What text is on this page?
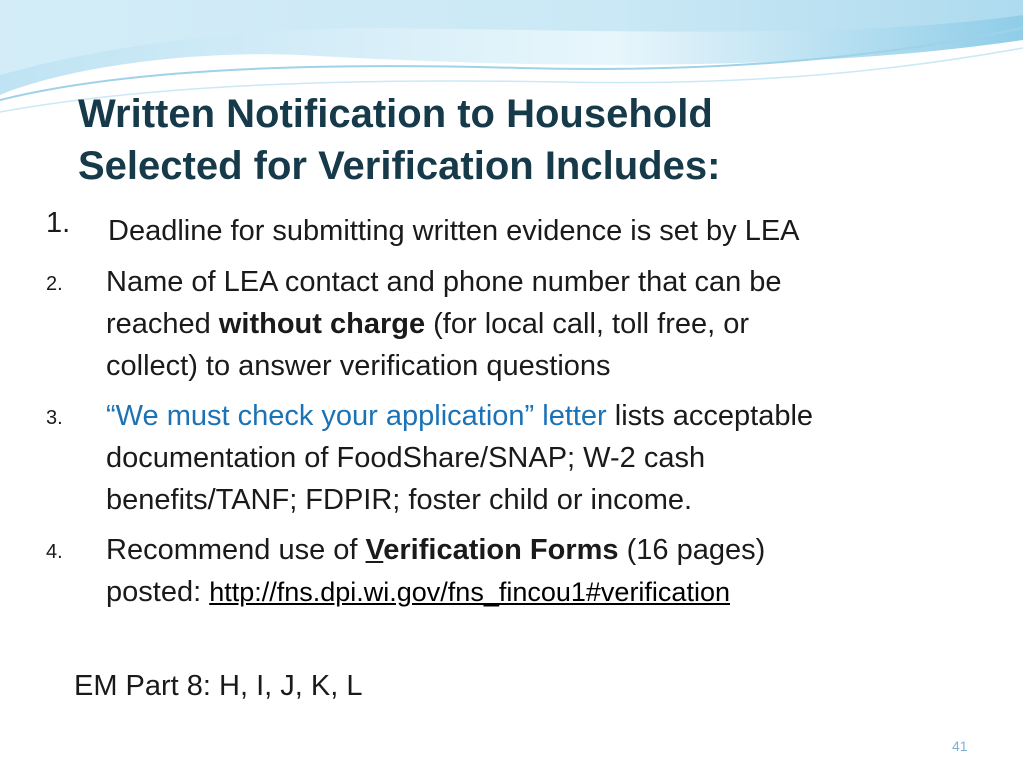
Written Notification to Household
Selected for Verification Includes:
1. Deadline for submitting written evidence is set by LEA
2. Name of LEA contact and phone number that can be
reached without charge (for local call, toll free, or
collect) to answer verification questions
3. “We must check your application” letter lists acceptable
documentation of FoodShare/SNAP; W-2 cash
benefits/TANF; FDPIR; foster child or income.
4. Recommend use of Verification Forms (16 pages)
posted: http://fns.dpi.wi.gov/fns_fincou1#verification
EM Part 8: H, I, J, K, L
41
